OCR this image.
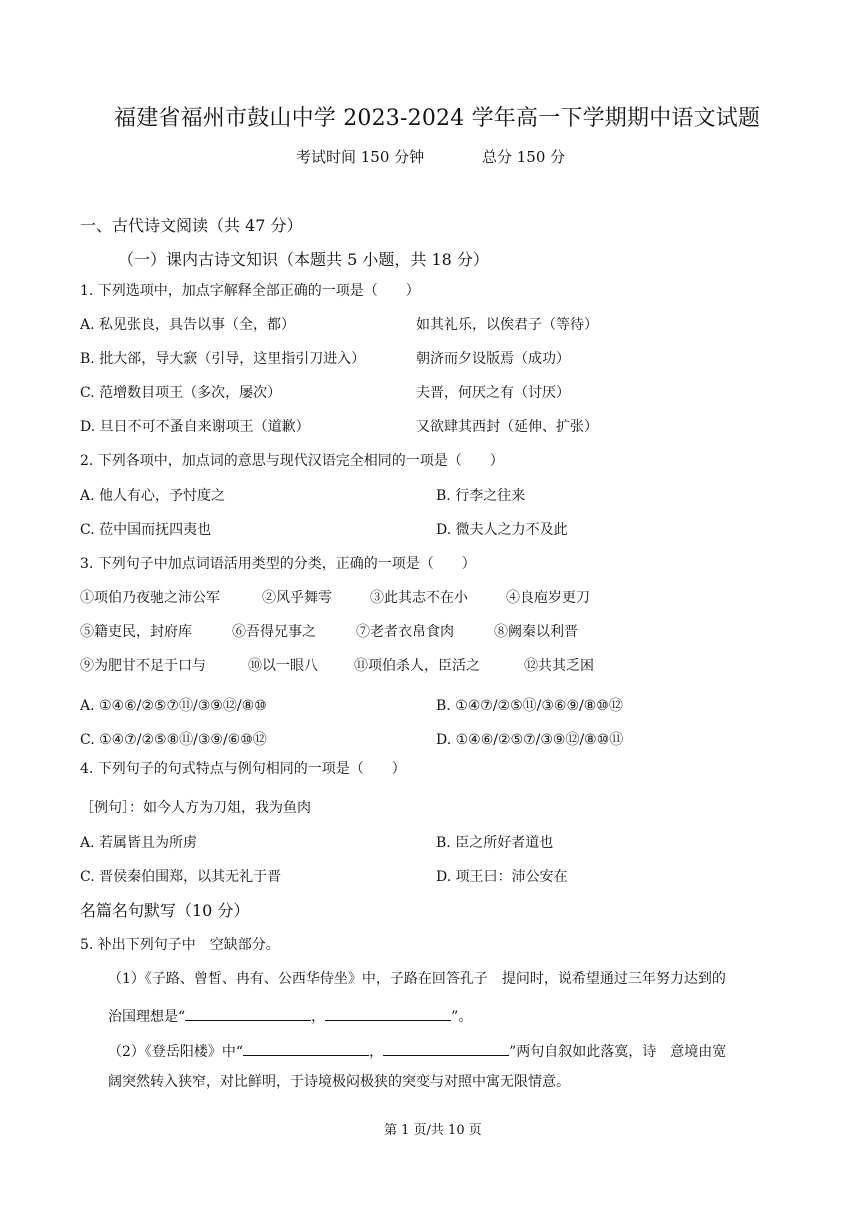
福建省福州市鼓山中学 2023-2024 学年高一下学期期中语文试题
考试时间 150 分钟	总分 150 分
一、古代诗文阅读（共 47 分）
（一）课内古诗文知识（本题共 5 小题，共 18 分）
1. 下列选项中，加点字解释全部正确的一项是（　　）
A. 私见张良，具告以事（全，都）	如其礼乐，以俟君子（等待）
B. 批大郤，导大窾（引导，这里指引刀进入）	朝济而夕设版焉（成功）
C. 范增数目项王（多次，屡次）	夫晋，何厌之有（讨厌）
D. 旦日不可不蚤自来谢项王（道歉）	又欲肆其西封（延伸、扩张）
2. 下列各项中，加点词的意思与现代汉语完全相同的一项是（　　）
A. 他人有心，予忖度之	B. 行李之往来
C. 莅中国而抚四夷也	D. 微夫人之力不及此
3. 下列句子中加点词语活用类型的分类，正确的一项是（　　）
①项伯乃夜驰之沛公军	②风乎舞雩	③此其志不在小	④良庖岁更刀
⑤籍吏民，封府库	⑥吾得兄事之	⑦老者衣帛食肉	⑧阙秦以利晋
⑨为肥甘不足于口与	⑩以一眼八	⑪项伯杀人，臣活之	⑫共其乏困
A. ①④⑥/②⑤⑦⑪/③⑨⑫/⑧⑩	B. ①④⑦/②⑤⑪/③⑥⑨/⑧⑩⑫
C. ①④⑦/②⑤⑧⑪/③⑨/⑥⑩⑫	D. ①④⑥/②⑤⑦/③⑨⑫/⑧⑩⑪
4. 下列句子的句式特点与例句相同的一项是（　　）
［例句］：如今人方为刀俎，我为鱼肉
A. 若属皆且为所虏	B. 臣之所好者道也
C. 晋侯秦伯围郑，以其无礼于晋	D. 项王曰：沛公安在
名篇名句默写（10 分）
5. 补出下列句子中　空缺部分。
（1）《子路、曾皙、冉有、公西华侍坐》中，子路在回答孔子　提问时，说希望通过三年努力达到的
治国理想是“	，	”。
（2）《登岳阳楼》中“	，	”两句自叙如此落寞，诗　意境由宽
阔突然转入狭窄，对比鲜明，于诗境极闷极狭的突变与对照中寓无限情意。
第 1 页/共 10 页
